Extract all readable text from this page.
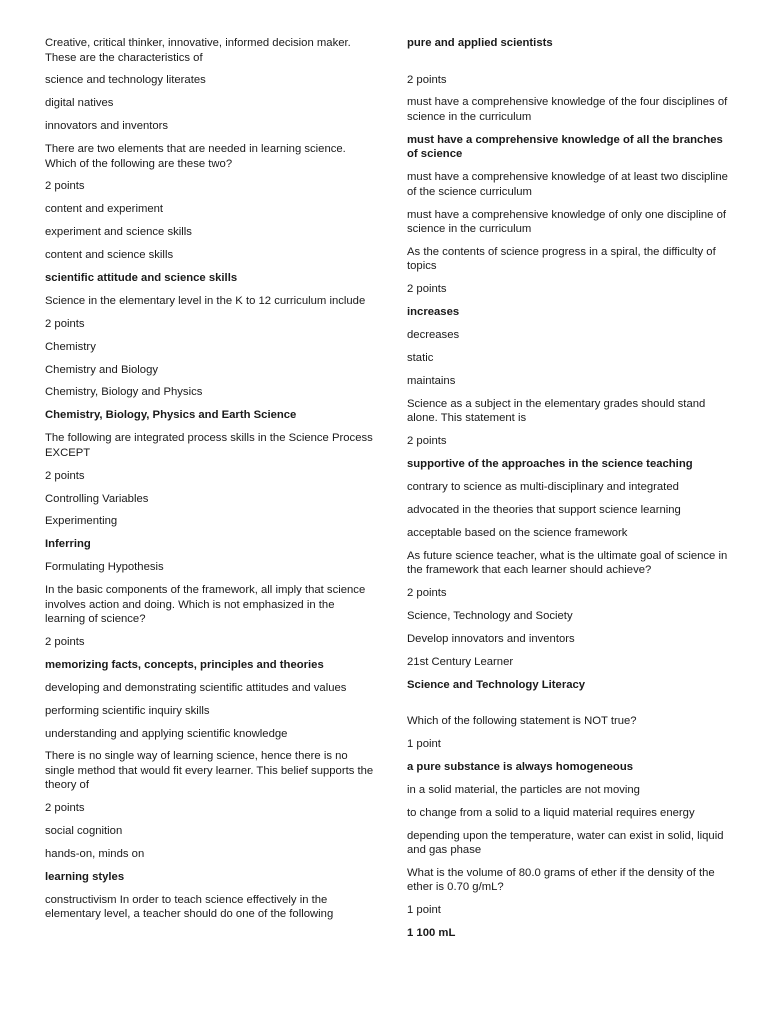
Creative, critical thinker, innovative, informed decision maker. These are the characteristics of

science and technology literates

digital natives

innovators and inventors

There are two elements that are needed in learning science. Which of the following are these two?

2 points

content and experiment

experiment and science skills

content and science skills

scientific attitude and science skills

Science in the elementary level in the K to 12 curriculum include

2 points

Chemistry

Chemistry and Biology

Chemistry, Biology and Physics

Chemistry, Biology, Physics and Earth Science

The following are integrated process skills in the Science Process EXCEPT

2 points

Controlling Variables

Experimenting

Inferring

Formulating Hypothesis

In the basic components of the framework, all imply that science involves action and doing. Which is not emphasized in the learning of science?

2 points

memorizing facts, concepts, principles and theories

developing and demonstrating scientific attitudes and values

performing scientific inquiry skills

understanding and applying scientific knowledge

There is no single way of learning science, hence there is no single method that would fit every learner. This belief supports the theory of

2 points

social cognition

hands-on, minds on

learning styles

constructivism In order to teach science effectively in the elementary level, a teacher should do one of the following

pure and applied scientists

2 points

must have a comprehensive knowledge of the four disciplines of science in the curriculum

must have a comprehensive knowledge of all the branches of science

must have a comprehensive knowledge of at least two discipline of the science curriculum

must have a comprehensive knowledge of only one discipline of science in the curriculum

As the contents of science progress in a spiral, the difficulty of topics

2 points

increases

decreases

static

maintains

Science as a subject in the elementary grades should stand alone. This statement is

2 points

supportive of the approaches in the science teaching

contrary to science as multi-disciplinary and integrated

advocated in the theories that support science learning

acceptable based on the science framework

As future science teacher, what is the ultimate goal of science in the framework that each learner should achieve?

2 points

Science, Technology and Society

Develop innovators and inventors

21st Century Learner

Science and Technology Literacy

Which of the following statement is NOT true?

1 point

a pure substance is always homogeneous

in a solid material, the particles are not moving

to change from a solid to a liquid material requires energy

depending upon the temperature, water can exist in solid, liquid and gas phase

What is the volume of 80.0 grams of ether if the density of the ether is 0.70 g/mL?

1 point

1 100 mL
